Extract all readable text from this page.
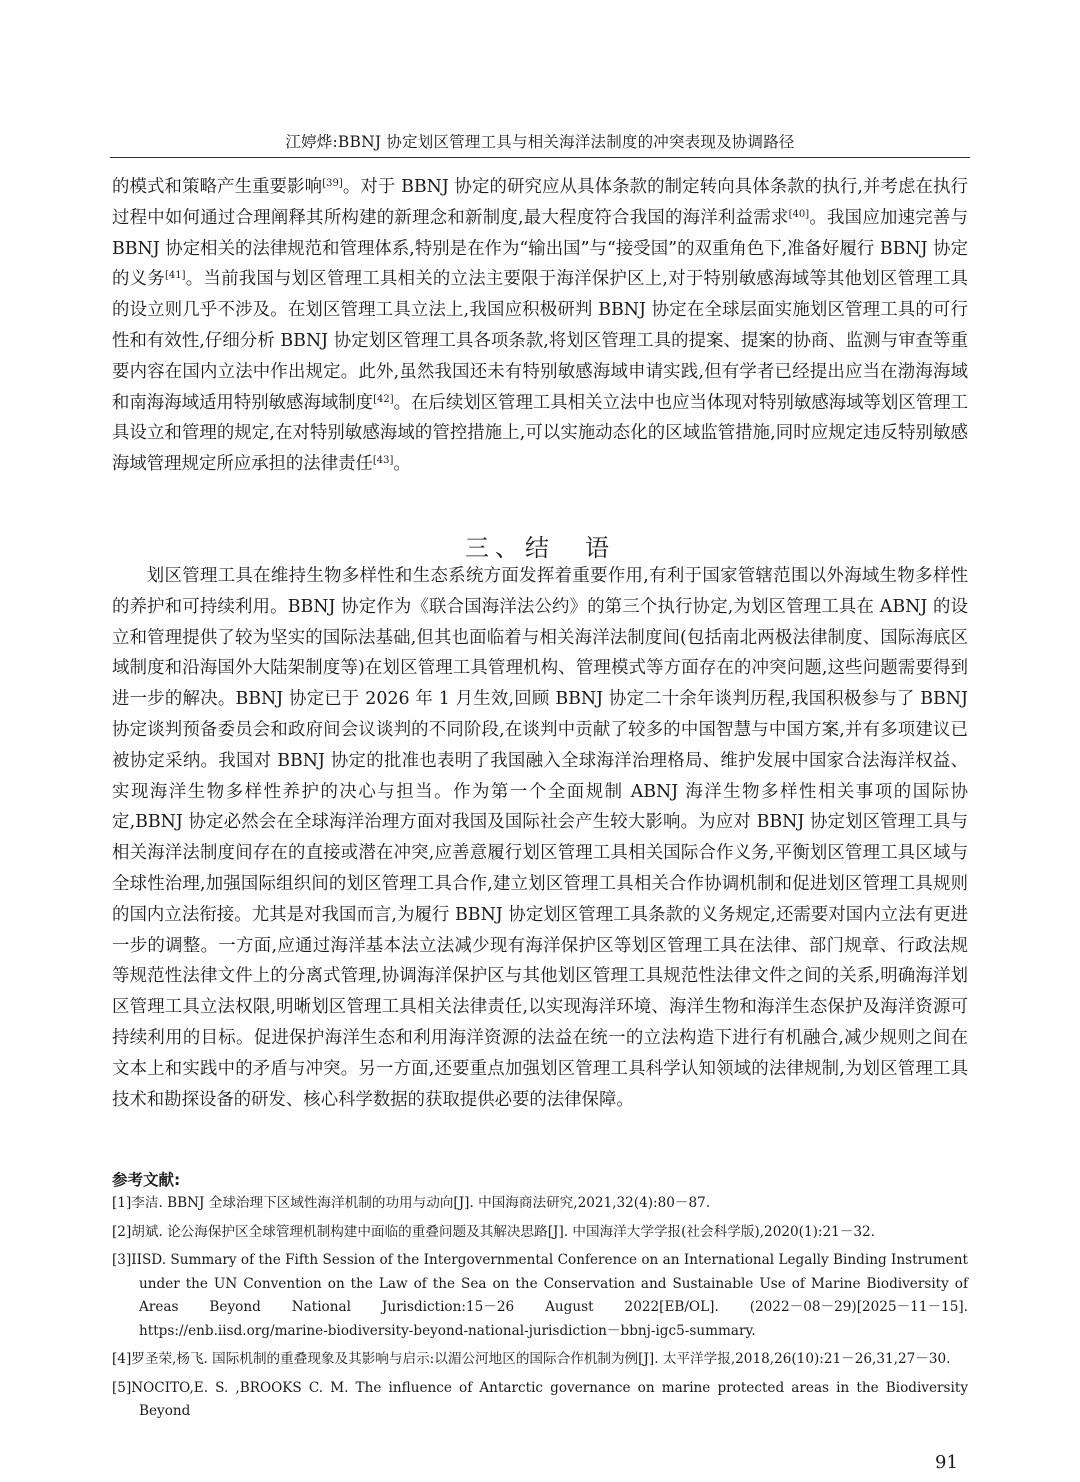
江婷烨:BBNJ 协定划区管理工具与相关海洋法制度的冲突表现及协调路径

的模式和策略产生重要影响[39]。对于 BBNJ 协定的研究应从具体条款的制定转向具体条款的执行,并考虑在执行过程中如何通过合理阐释其所构建的新理念和新制度,最大程度符合我国的海洋利益需求[40]。我国应加速完善与 BBNJ 协定相关的法律规范和管理体系,特别是在作为“输出国”与“接受国”的双重角色下,准备好履行 BBNJ 协定的义务[41]。当前我国与划区管理工具相关的立法主要限于海洋保护区上,对于特别敏感海域等其他划区管理工具的设立则几乎不涉及。在划区管理工具立法上,我国应积极研判 BBNJ 协定在全球层面实施划区管理工具的可行性和有效性,仔细分析 BBNJ 协定划区管理工具各项条款,将划区管理工具的提案、提案的协商、监测与审查等重要内容在国内立法中作出规定。此外,虽然我国还未有特别敏感海域申请实践,但有学者已经提出应当在渤海海域和南海海域适用特别敏感海域制度[42]。在后续划区管理工具相关立法中也应当体现对特别敏感海域等划区管理工具设立和管理的规定,在对特别敏感海域的管控措施上,可以实施动态化的区域监管措施,同时应规定违反特别敏感海域管理规定所应承担的法律责任[43]。

三、结　语

划区管理工具在维持生物多样性和生态系统方面发挥着重要作用,有利于国家管辖范围以外海域生物多样性的养护和可持续利用。BBNJ 协定作为《联合国海洋法公约》的第三个执行协定,为划区管理工具在 ABNJ 的设立和管理提供了较为坚实的国际法基础,但其也面临着与相关海洋法制度间(包括南北两极法律制度、国际海底区域制度和沿海国外大陆架制度等)在划区管理工具管理机构、管理模式等方面存在的冲突问题,这些问题需要得到进一步的解决。BBNJ 协定已于 2026 年 1 月生效,回顾 BBNJ 协定二十余年谈判历程,我国积极参与了 BBNJ 协定谈判预备委员会和政府间会议谈判的不同阶段,在谈判中贡献了较多的中国智慧与中国方案,并有多项建议已被协定采纳。我国对 BBNJ 协定的批准也表明了我国融入全球海洋治理格局、维护发展中国家合法海洋权益、实现海洋生物多样性养护的决心与担当。作为第一个全面规制 ABNJ 海洋生物多样性相关事项的国际协定,BBNJ 协定必然会在全球海洋治理方面对我国及国际社会产生较大影响。为应对 BBNJ 协定划区管理工具与相关海洋法制度间存在的直接或潜在冲突,应善意履行划区管理工具相关国际合作义务,平衡划区管理工具区域与全球性治理,加强国际组织间的划区管理工具合作,建立划区管理工具相关合作协调机制和促进划区管理工具规则的国内立法衔接。尤其是对我国而言,为履行 BBNJ 协定划区管理工具条款的义务规定,还需要对国内立法有更进一步的调整。一方面,应通过海洋基本法立法减少现有海洋保护区等划区管理工具在法律、部门规章、行政法规等规范性法律文件上的分离式管理,协调海洋保护区与其他划区管理工具规范性法律文件之间的关系,明确海洋划区管理工具立法权限,明晰划区管理工具相关法律责任,以实现海洋环境、海洋生物和海洋生态保护及海洋资源可持续利用的目标。促进保护海洋生态和利用海洋资源的法益在统一的立法构造下进行有机融合,减少规则之间在文本上和实践中的矛盾与冲突。另一方面,还要重点加强划区管理工具科学认知领域的法律规制,为划区管理工具技术和勘探设备的研发、核心科学数据的获取提供必要的法律保障。

参考文献:
[1]李洁. BBNJ 全球治理下区域性海洋机制的功用与动向[J]. 中国海商法研究,2021,32(4):80－87.
[2]胡斌. 论公海保护区全球管理机制构建中面临的重叠问题及其解决思路[J]. 中国海洋大学学报(社会科学版),2020(1):21－32.
[3]IISD. Summary of the Fifth Session of the Intergovernmental Conference on an International Legally Binding Instrument under the UN Convention on the Law of the Sea on the Conservation and Sustainable Use of Marine Biodiversity of Areas Beyond National Jurisdiction:15－26 August 2022[EB/OL]. (2022－08－29)[2025－11－15]. https://enb.iisd.org/marine-biodiversity-beyond-national-jurisdiction－bbnj-igc5-summary.
[4]罗圣荣,杨飞. 国际机制的重叠现象及其影响与启示:以湄公河地区的国际合作机制为例[J]. 太平洋学报,2018,26(10):21－26,31,27－30.
[5]NOCITO,E. S. ,BROOKS C. M. The influence of Antarctic governance on marine protected areas in the Biodiversity Beyond
91
